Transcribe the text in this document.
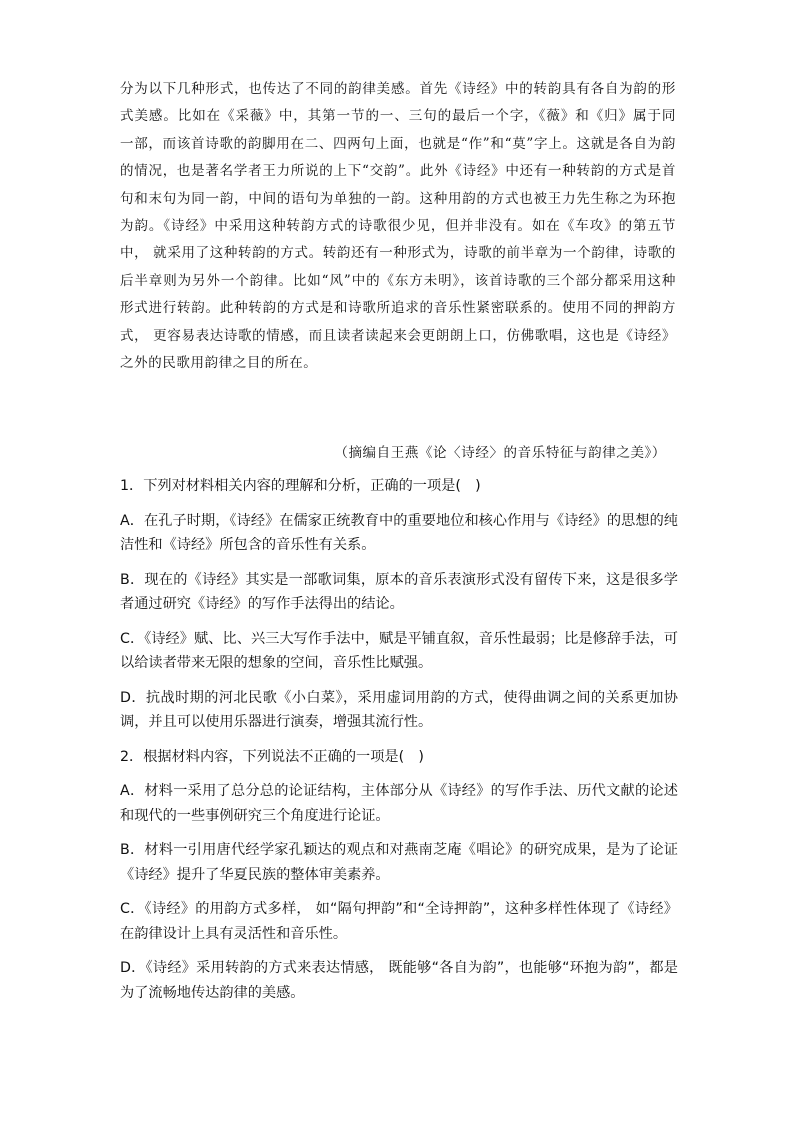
分为以下几种形式，也传达了不同的韵律美感。首先《诗经》中的转韵具有各自为韵的形式美感。比如在《采薇》中，其第一节的一、三句的最后一个字，《薇》和《归》属于同一部，而该首诗歌的韵脚用在二、四两句上面，也就是“作”和“莫”字上。这就是各自为韵的情况，也是著名学者王力所说的上下“交韵”。此外《诗经》中还有一种转韵的方式是首句和末句为同一韵，中间的语句为单独的一韵。这种用韵的方式也被王力先生称之为环抱为韵。《诗经》中采用这种转韵方式的诗歌很少见，但并非没有。如在《车攻》的第五节中， 就采用了这种转韵的方式。转韵还有一种形式为，诗歌的前半章为一个韵律，诗歌的后半章则为另外一个韵律。比如“风”中的《东方未明》，该首诗歌的三个部分都采用这种形式进行转韵。此种转韵的方式是和诗歌所追求的音乐性紧密联系的。使用不同的押韵方式， 更容易表达诗歌的情感，而且读者读起来会更朗朗上口，仿佛歌唱，这也是《诗经》之外的民歌用韵律之目的所在。

（摘编自王燕《论〈诗经〉的音乐特征与韵律之美》）

1．下列对材料相关内容的理解和分析，正确的一项是(　)

A．在孔子时期，《诗经》在儒家正统教育中的重要地位和核心作用与《诗经》的思想的纯洁性和《诗经》所包含的音乐性有关系。

B．现在的《诗经》其实是一部歌词集，原本的音乐表演形式没有留传下来，这是很多学者通过研究《诗经》的写作手法得出的结论。

C．《诗经》赋、比、兴三大写作手法中，赋是平铺直叙，音乐性最弱；比是修辞手法，可以给读者带来无限的想象的空间，音乐性比赋强。

D．抗战时期的河北民歌《小白菜》，采用虚词用韵的方式，使得曲调之间的关系更加协调，并且可以使用乐器进行演奏，增强其流行性。

2．根据材料内容，下列说法不正确的一项是(　)

A．材料一采用了总分总的论证结构，主体部分从《诗经》的写作手法、历代文献的论述和现代的一些事例研究三个角度进行论证。

B．材料一引用唐代经学家孔颖达的观点和对燕南芝庵《唱论》的研究成果，是为了论证《诗经》提升了华夏民族的整体审美素养。

C．《诗经》的用韵方式多样， 如“隔句押韵”和“全诗押韵”，这种多样性体现了《诗经》在韵律设计上具有灵活性和音乐性。

D．《诗经》采用转韵的方式来表达情感， 既能够“各自为韵”，也能够“环抱为韵”，都是为了流畅地传达韵律的美感。
